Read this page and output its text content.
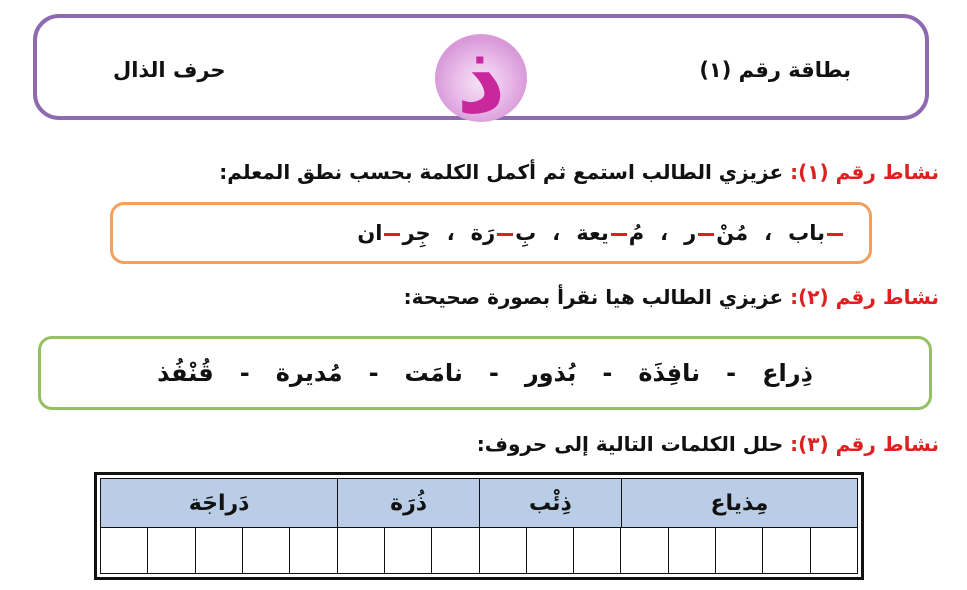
حرف الذال ذ	بطاقة رقم (١)
نشاط رقم (١): عزيزي الطالب استمع ثم أكمل الكلمة بحسب نطق المعلم:
باب
،
مُنْر
،
مُيعة
،
بِرَة
،
جِران
نشاط رقم (٢): عزيزي الطالب هيا نقرأ بصورة صحيحة:
ذِراع
-
نافِذَة
-
بُذور
-
نامَت
-
مُديرة
-
قُنْفُذ
نشاط رقم (٣): حلل الكلمات التالية إلى حروف:
مِذياع
ذِئْب
ذُرَة
دَراجَة
